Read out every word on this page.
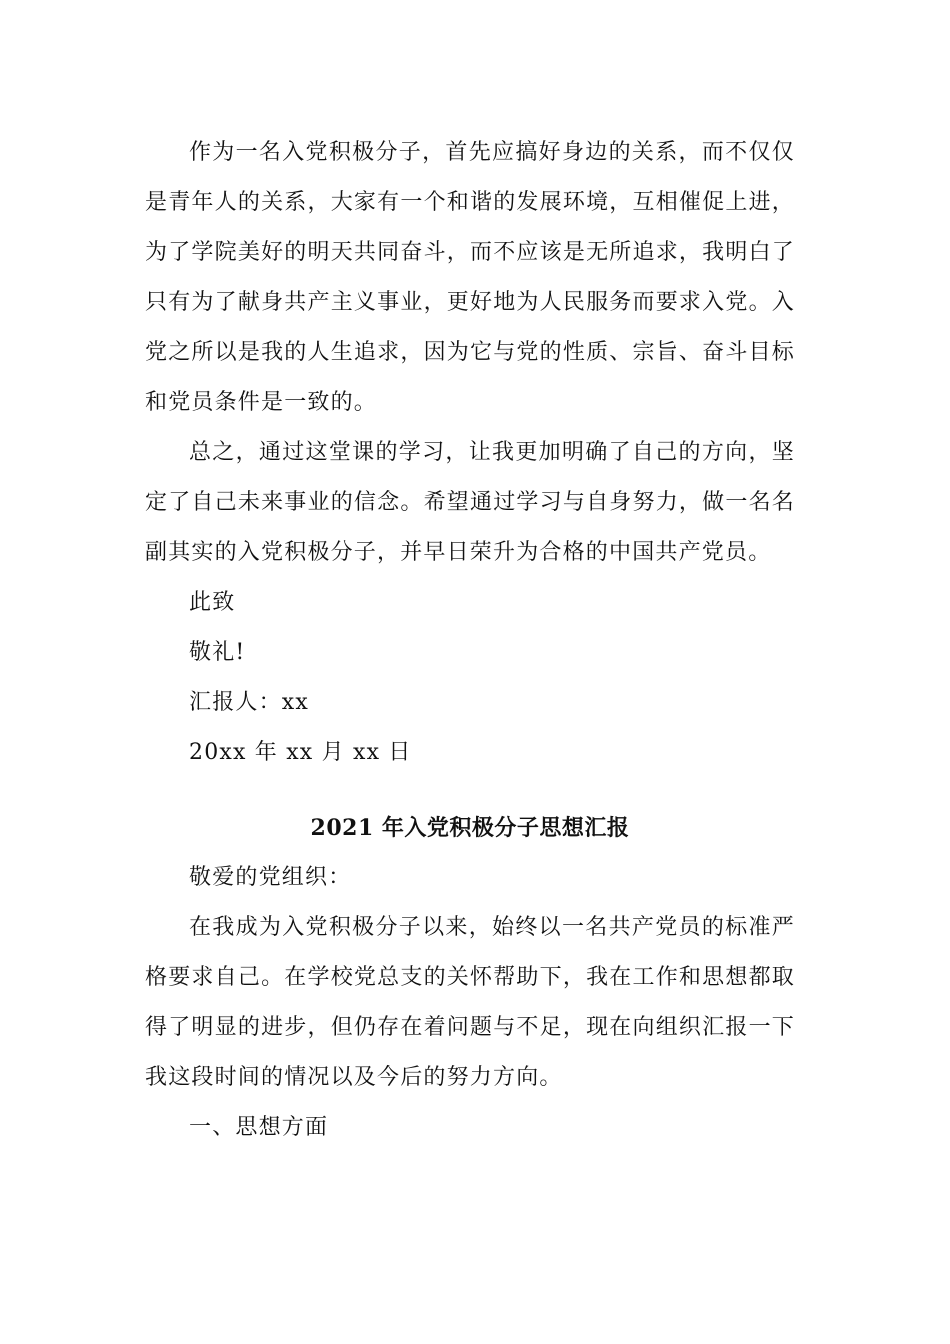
作为一名入党积极分子，首先应搞好身边的关系，而不仅仅是青年人的关系，大家有一个和谐的发展环境，互相催促上进，为了学院美好的明天共同奋斗，而不应该是无所追求，我明白了只有为了献身共产主义事业，更好地为人民服务而要求入党。入党之所以是我的人生追求，因为它与党的性质、宗旨、奋斗目标和党员条件是一致的。

总之，通过这堂课的学习，让我更加明确了自己的方向，坚定了自己未来事业的信念。希望通过学习与自身努力，做一名名副其实的入党积极分子，并早日荣升为合格的中国共产党员。

此致

敬礼!

汇报人：xx

20xx 年 xx 月 xx 日

2021 年入党积极分子思想汇报

敬爱的党组织：

在我成为入党积极分子以来，始终以一名共产党员的标准严格要求自己。在学校党总支的关怀帮助下，我在工作和思想都取得了明显的进步，但仍存在着问题与不足，现在向组织汇报一下我这段时间的情况以及今后的努力方向。

一、思想方面
